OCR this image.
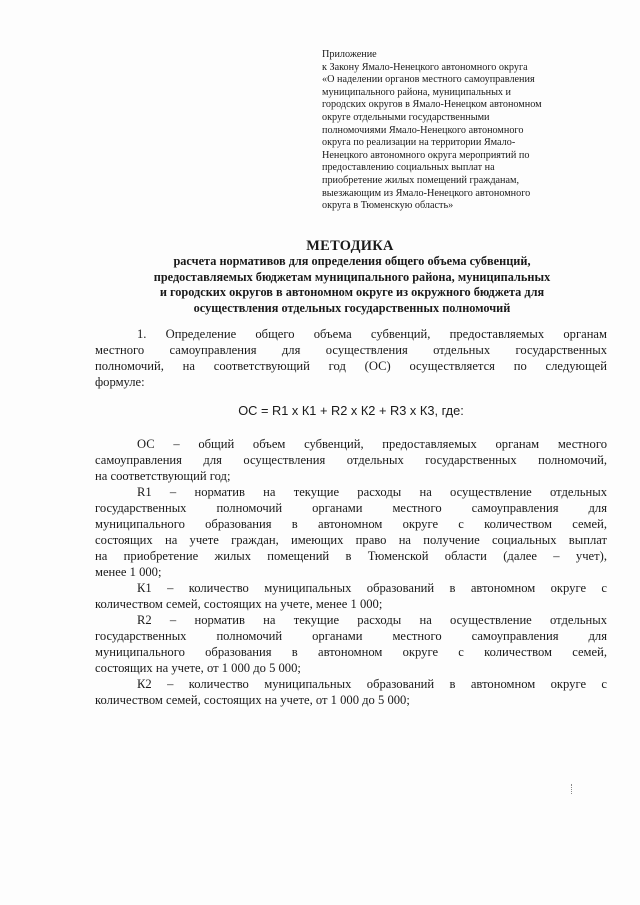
Приложение
к Закону Ямало-Ненецкого автономного округа
«О наделении органов местного самоуправления
муниципального района, муниципальных и
городских округов в Ямало-Ненецком автономном
округе отдельными государственными
полномочиями Ямало-Ненецкого автономного
округа по реализации на территории Ямало-
Ненецкого автономного округа мероприятий по
предоставлению социальных выплат на
приобретение жилых помещений гражданам,
выезжающим из Ямало-Ненецкого автономного
округа в Тюменскую область»
МЕТОДИКА
расчета нормативов для определения общего объема субвенций,
предоставляемых бюджетам муниципального района, муниципальных
и городских округов в автономном округе из окружного бюджета для
осуществления отдельных государственных полномочий
1. Определение общего объема субвенций, предоставляемых органам
местного самоуправления для осуществления отдельных государственных
полномочий, на соответствующий год (ОС) осуществляется по следующей
формуле:
ОС = R1 х К1 + R2 х К2 + R3 х К3, где:
ОС – общий объем субвенций, предоставляемых органам местного
самоуправления для осуществления отдельных государственных полномочий,
на соответствующий год;
R1 – норматив на текущие расходы на осуществление отдельных
государственных полномочий органами местного самоуправления для
муниципального образования в автономном округе с количеством семей,
состоящих на учете граждан, имеющих право на получение социальных выплат
на приобретение жилых помещений в Тюменской области (далее – учет),
менее 1 000;
К1 – количество муниципальных образований в автономном округе с
количеством семей, состоящих на учете, менее 1 000;
R2 – норматив на текущие расходы на осуществление отдельных
государственных полномочий органами местного самоуправления для
муниципального образования в автономном округе с количеством семей,
состоящих на учете, от 1 000 до 5 000;
К2 – количество муниципальных образований в автономном округе с
количеством семей, состоящих на учете, от 1 000 до 5 000;
